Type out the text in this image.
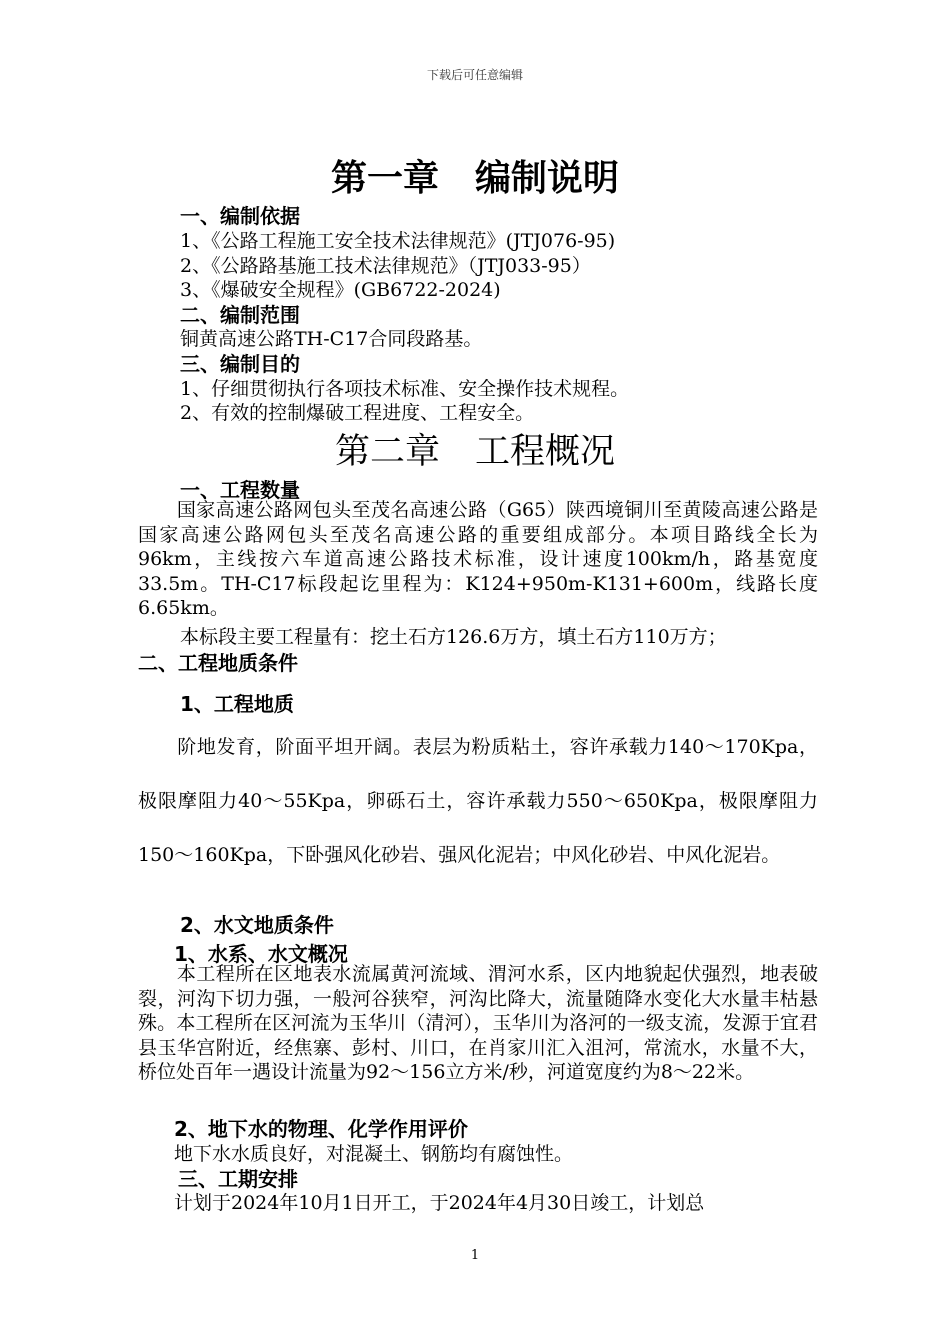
下载后可任意编辑
第一章　编制说明
一、编制依据
1、《公路工程施工安全技术法律规范》(JTJ076-95)
2、《公路路基施工技术法律规范》（JTJ033-95）
3、《爆破安全规程》(GB6722-2024)
二、编制范围
铜黄高速公路TH-C17合同段路基。
三、编制目的
1、仔细贯彻执行各项技术标准、安全操作技术规程。
2、有效的控制爆破工程进度、工程安全。
第二章　工程概况
一、工程数量
　　国家高速公路网包头至茂名高速公路（G65）陕西境铜川至黄陵高速公路是国家高速公路网包头至茂名高速公路的重要组成部分。本项目路线全长为96km，主线按六车道高速公路技术标准，设计速度100km/h，路基宽度33.5m。TH-C17标段起讫里程为：K124+950m-K131+600m，线路长度6.65km。
本标段主要工程量有：挖土石方126.6万方，填土石方110万方；
二、工程地质条件
1、工程地质
　　阶地发育，阶面平坦开阔。表层为粉质粘土，容许承载力140～170Kpa，极限摩阻力40～55Kpa，卵砾石土，容许承载力550～650Kpa，极限摩阻力150～160Kpa，下卧强风化砂岩、强风化泥岩；中风化砂岩、中风化泥岩。
2、水文地质条件
1、水系、水文概况
　　本工程所在区地表水流属黄河流域、渭河水系，区内地貌起伏强烈，地表破裂，河沟下切力强，一般河谷狭窄，河沟比降大，流量随降水变化大水量丰枯悬殊。本工程所在区河流为玉华川（清河），玉华川为洛河的一级支流，发源于宜君县玉华宫附近，经焦寨、彭村、川口，在肖家川汇入沮河，常流水，水量不大，桥位处百年一遇设计流量为92～156立方米/秒，河道宽度约为8～22米。
2、地下水的物理、化学作用评价
地下水水质良好，对混凝土、钢筋均有腐蚀性。
三、工期安排
计划于2024年10月1日开工，于2024年4月30日竣工，计划总
1
